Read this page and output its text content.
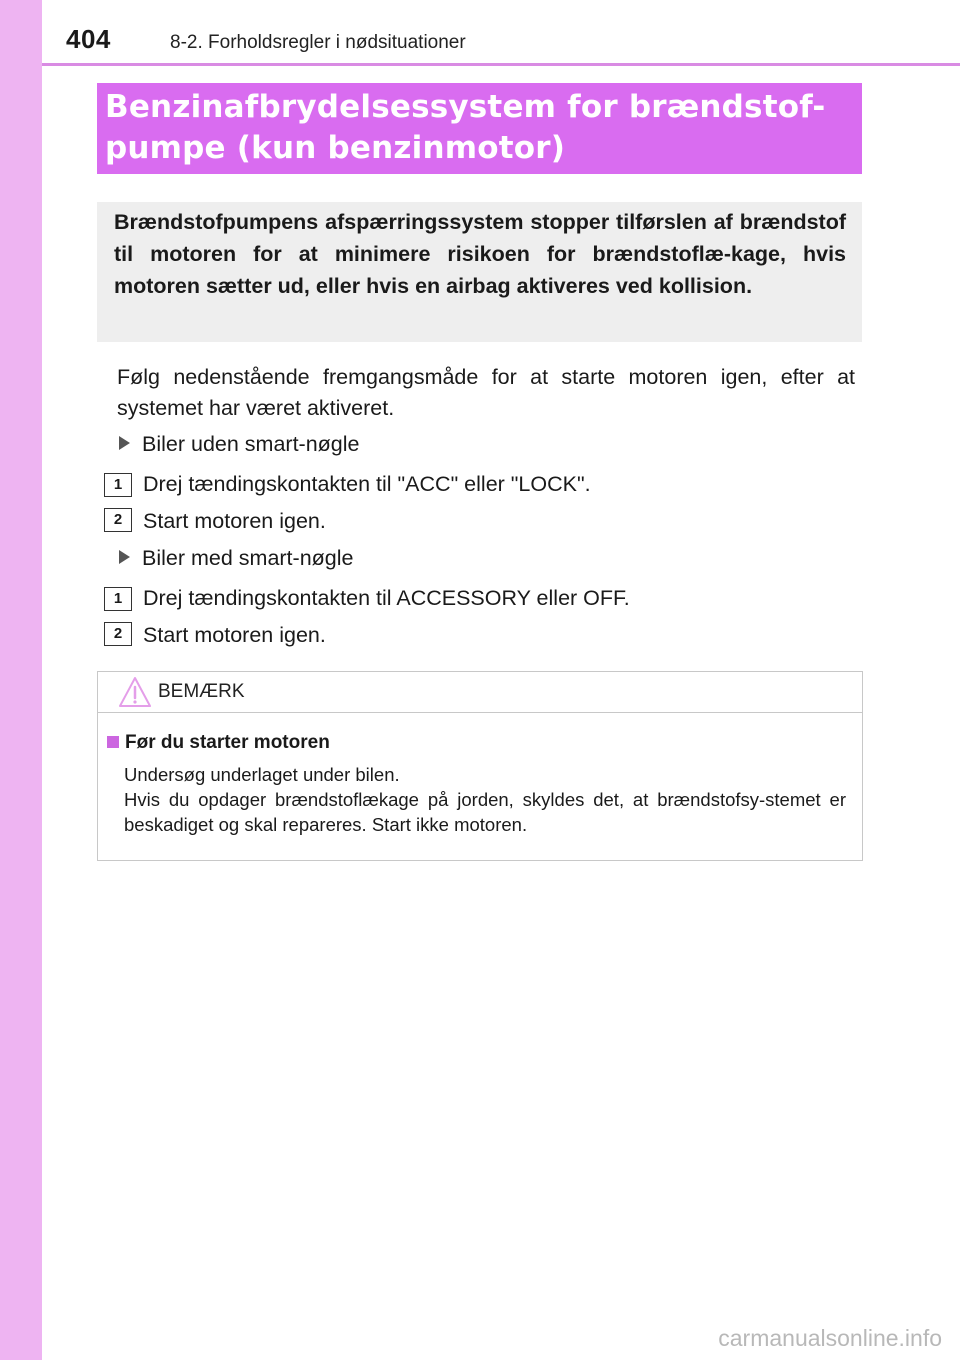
404	8-2. Forholdsregler i nødsituationer
Benzinafbrydelsessystem for brændstof-
pumpe (kun benzinmotor)
Brændstofpumpens afspærringssystem stopper tilførslen af brændstof til motoren for at minimere risikoen for brændstoflæ-kage, hvis motoren sætter ud, eller hvis en airbag aktiveres ved kollision.
Følg nedenstående fremgangsmåde for at starte motoren igen, efter at systemet har været aktiveret.
Biler uden smart-nøgle
1 Drej tændingskontakten til "ACC" eller "LOCK".
2 Start motoren igen.
Biler med smart-nøgle
1 Drej tændingskontakten til ACCESSORY eller OFF.
2 Start motoren igen.
BEMÆRK
Før du starter motoren

Undersøg underlaget under bilen.

Hvis du opdager brændstoflækage på jorden, skyldes det, at brændstofsy-stemet er beskadiget og skal repareres. Start ikke motoren.

carmanualsonline.info
